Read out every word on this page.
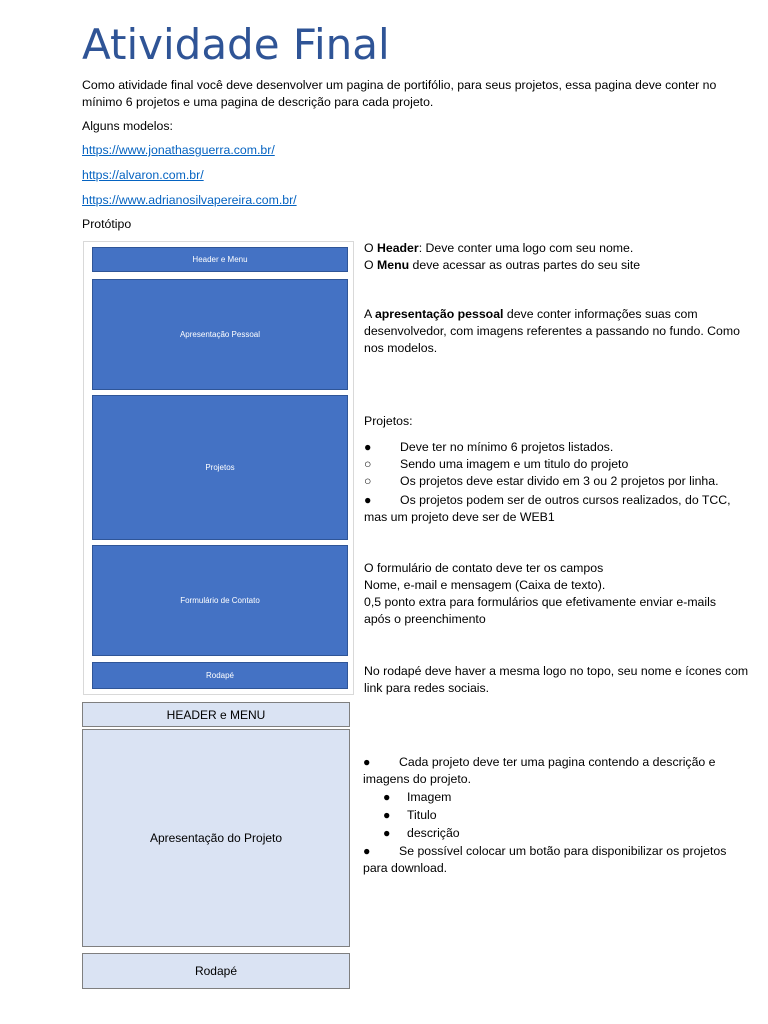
Atividade Final
Como atividade final você deve desenvolver um pagina de portifólio, para seus projetos, essa pagina deve conter no
mínimo 6 projetos e uma pagina de descrição para cada projeto.
Alguns modelos:
https://www.jonathasguerra.com.br/
https://alvaron.com.br/
https://www.adrianosilvapereira.com.br/
Protótipo
Header e Menu
Apresentação Pessoal
Projetos
Formulário de Contato
Rodapé
HEADER e MENU
Apresentação do Projeto
Rodapé
O Header: Deve conter uma logo com seu nome.
O Menu deve acessar as outras partes do seu site
A apresentação pessoal deve conter informações suas com
desenvolvedor, com imagens referentes a passando no fundo. Como
nos modelos.
Projetos:
● Deve ter no mínimo 6 projetos listados.
○ Sendo uma imagem e um titulo do projeto
○ Os projetos deve estar divido em 3 ou 2 projetos por linha.
● Os projetos podem ser de outros cursos realizados, do TCC,
mas um projeto deve ser de WEB1
O formulário de contato deve ter os campos
Nome, e-mail e mensagem (Caixa de texto).
0,5 ponto extra para formulários que efetivamente enviar e-mails
após o preenchimento
No rodapé deve haver a mesma logo no topo, seu nome e ícones com
link para redes sociais.
● Cada projeto deve ter uma pagina contendo a descrição e
imagens do projeto.
● Imagem
● Titulo
● descrição
● Se possível colocar um botão para disponibilizar os projetos
para download.
